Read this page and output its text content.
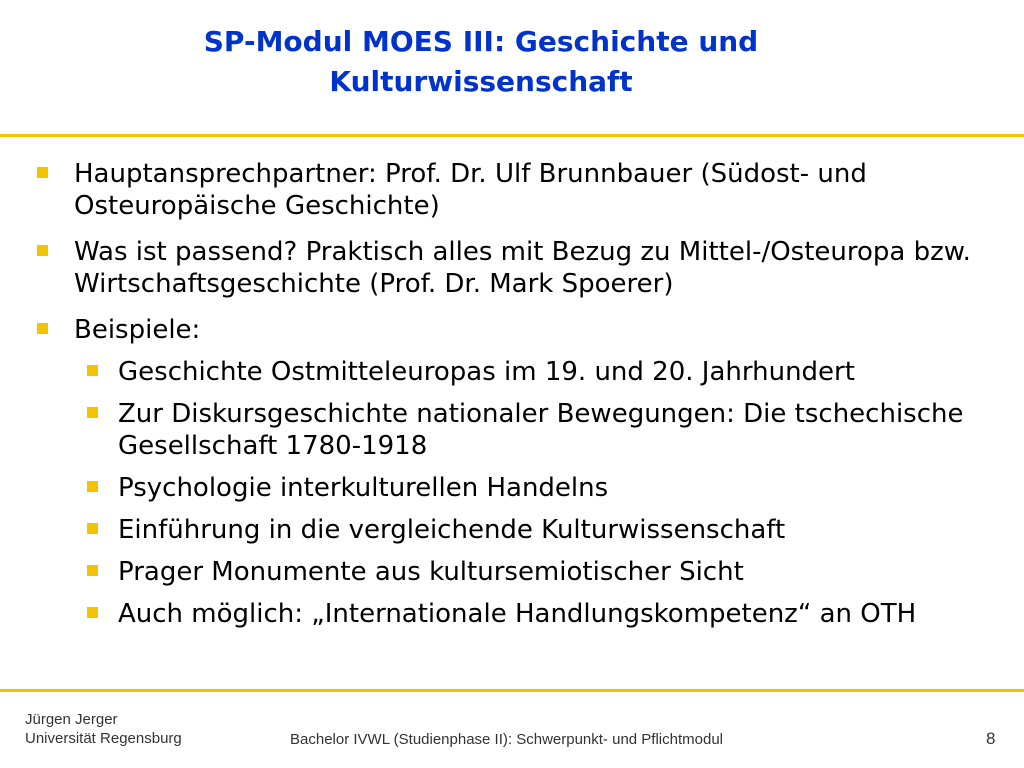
SP-Modul MOES III: Geschichte und
Kulturwissenschaft
Hauptansprechpartner: Prof. Dr. Ulf Brunnbauer (Südost- und Osteuropäische Geschichte)
Was ist passend? Praktisch alles mit Bezug zu Mittel-/Osteuropa bzw. Wirtschaftsgeschichte (Prof. Dr. Mark Spoerer)
Beispiele:
Geschichte Ostmitteleuropas im 19. und 20. Jahrhundert
Zur Diskursgeschichte nationaler Bewegungen: Die tschechische Gesellschaft 1780-1918
Psychologie interkulturellen Handelns
Einführung in die vergleichende Kulturwissenschaft
Prager Monumente aus kultursemiotischer Sicht
Auch möglich: „Internationale Handlungskompetenz“ an OTH
Jürgen Jerger
Universität Regensburg	Bachelor IVWL (Studienphase II): Schwerpunkt- und Pflichtmodul	8
